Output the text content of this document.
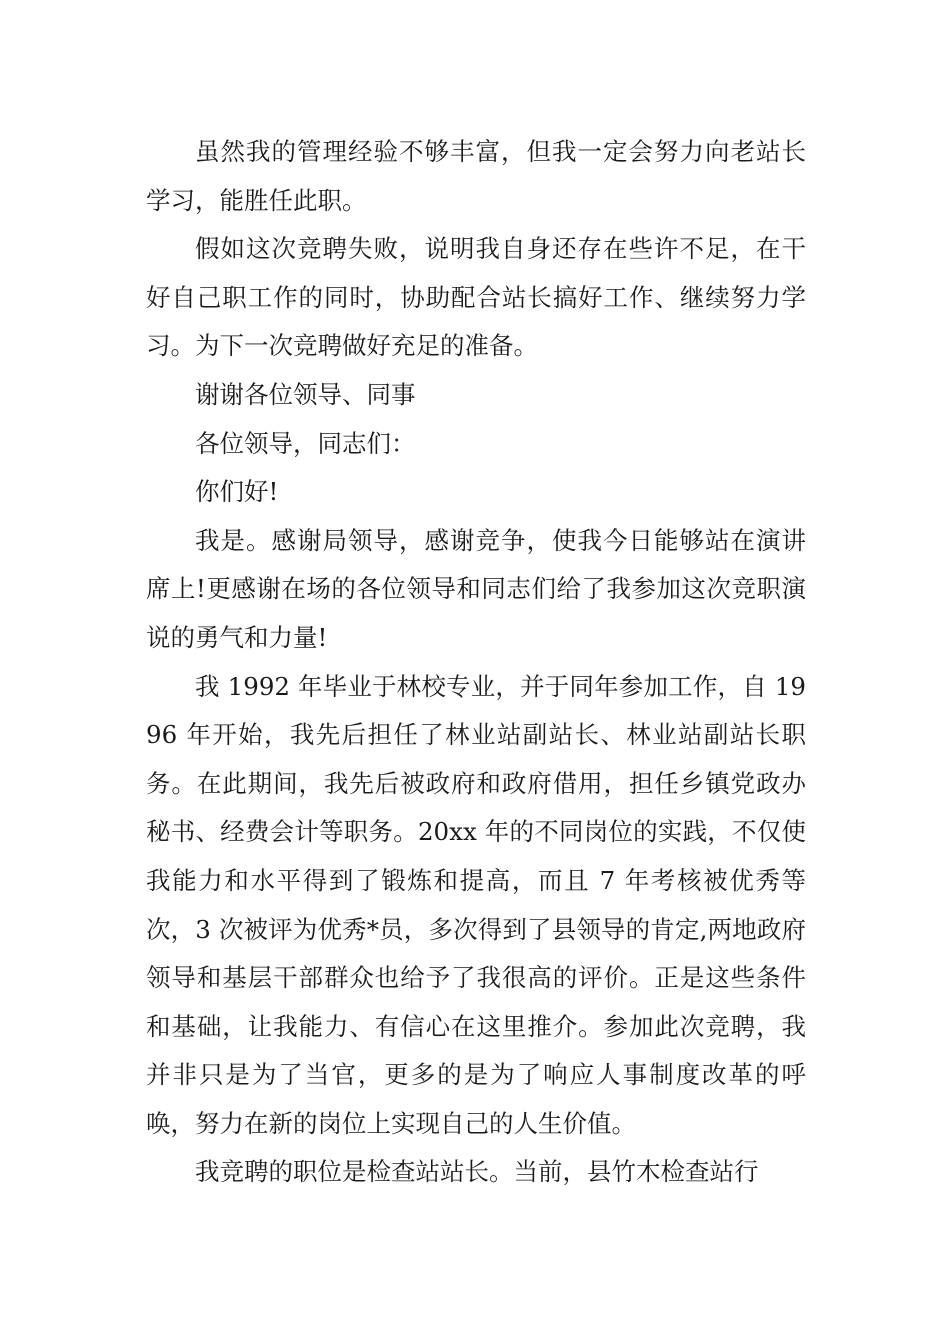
虽然我的管理经验不够丰富，但我一定会努力向老站长学习，能胜任此职。

假如这次竞聘失败，说明我自身还存在些许不足，在干好自己职工作的同时，协助配合站长搞好工作、继续努力学习。为下一次竞聘做好充足的准备。

谢谢各位领导、同事

各位领导，同志们：

你们好!

我是。感谢局领导，感谢竞争，使我今日能够站在演讲席上!更感谢在场的各位领导和同志们给了我参加这次竞职演说的勇气和力量!

我 1992 年毕业于林校专业，并于同年参加工作，自 1996 年开始，我先后担任了林业站副站长、林业站副站长职务。在此期间，我先后被政府和政府借用，担任乡镇党政办秘书、经费会计等职务。20xx 年的不同岗位的实践，不仅使我能力和水平得到了锻炼和提高，而且 7 年考核被优秀等次，3 次被评为优秀*员，多次得到了县领导的肯定,两地政府领导和基层干部群众也给予了我很高的评价。正是这些条件和基础，让我能力、有信心在这里推介。参加此次竞聘，我并非只是为了当官，更多的是为了响应人事制度改革的呼唤，努力在新的岗位上实现自己的人生价值。

我竞聘的职位是检查站站长。当前，县竹木检查站行
